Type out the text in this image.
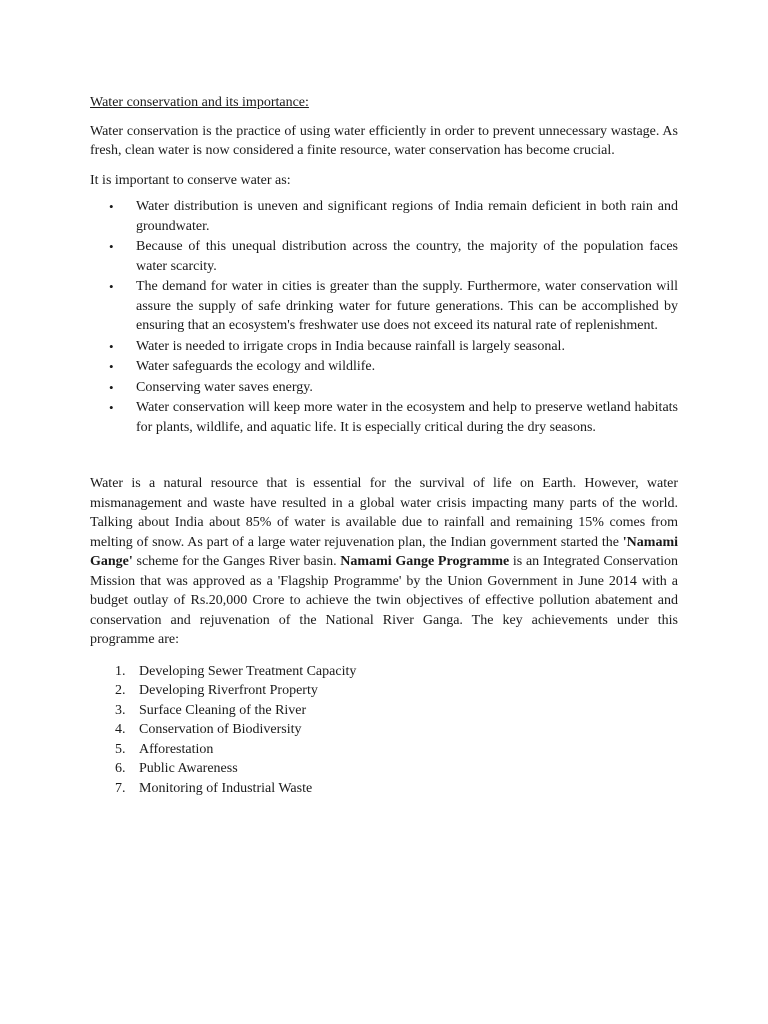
Water conservation and its importance:

Water conservation is the practice of using water efficiently in order to prevent unnecessary wastage. As fresh, clean water is now considered a finite resource, water conservation has become crucial.

It is important to conserve water as:

• Water distribution is uneven and significant regions of India remain deficient in both rain and groundwater.
• Because of this unequal distribution across the country, the majority of the population faces water scarcity.
• The demand for water in cities is greater than the supply. Furthermore, water conservation will assure the supply of safe drinking water for future generations. This can be accomplished by ensuring that an ecosystem's freshwater use does not exceed its natural rate of replenishment.
• Water is needed to irrigate crops in India because rainfall is largely seasonal.
• Water safeguards the ecology and wildlife.
• Conserving water saves energy.
• Water conservation will keep more water in the ecosystem and help to preserve wetland habitats for plants, wildlife, and aquatic life. It is especially critical during the dry seasons.

Water is a natural resource that is essential for the survival of life on Earth. However, water mismanagement and waste have resulted in a global water crisis impacting many parts of the world. Talking about India about 85% of water is available due to rainfall and remaining 15% comes from melting of snow. As part of a large water rejuvenation plan, the Indian government started the 'Namami Gange' scheme for the Ganges River basin. Namami Gange Programme is an Integrated Conservation Mission that was approved as a 'Flagship Programme' by the Union Government in June 2014 with a budget outlay of Rs.20,000 Crore to achieve the twin objectives of effective pollution abatement and conservation and rejuvenation of the National River Ganga. The key achievements under this programme are:

1. Developing Sewer Treatment Capacity
2. Developing Riverfront Property
3. Surface Cleaning of the River
4. Conservation of Biodiversity
5. Afforestation
6. Public Awareness
7. Monitoring of Industrial Waste
